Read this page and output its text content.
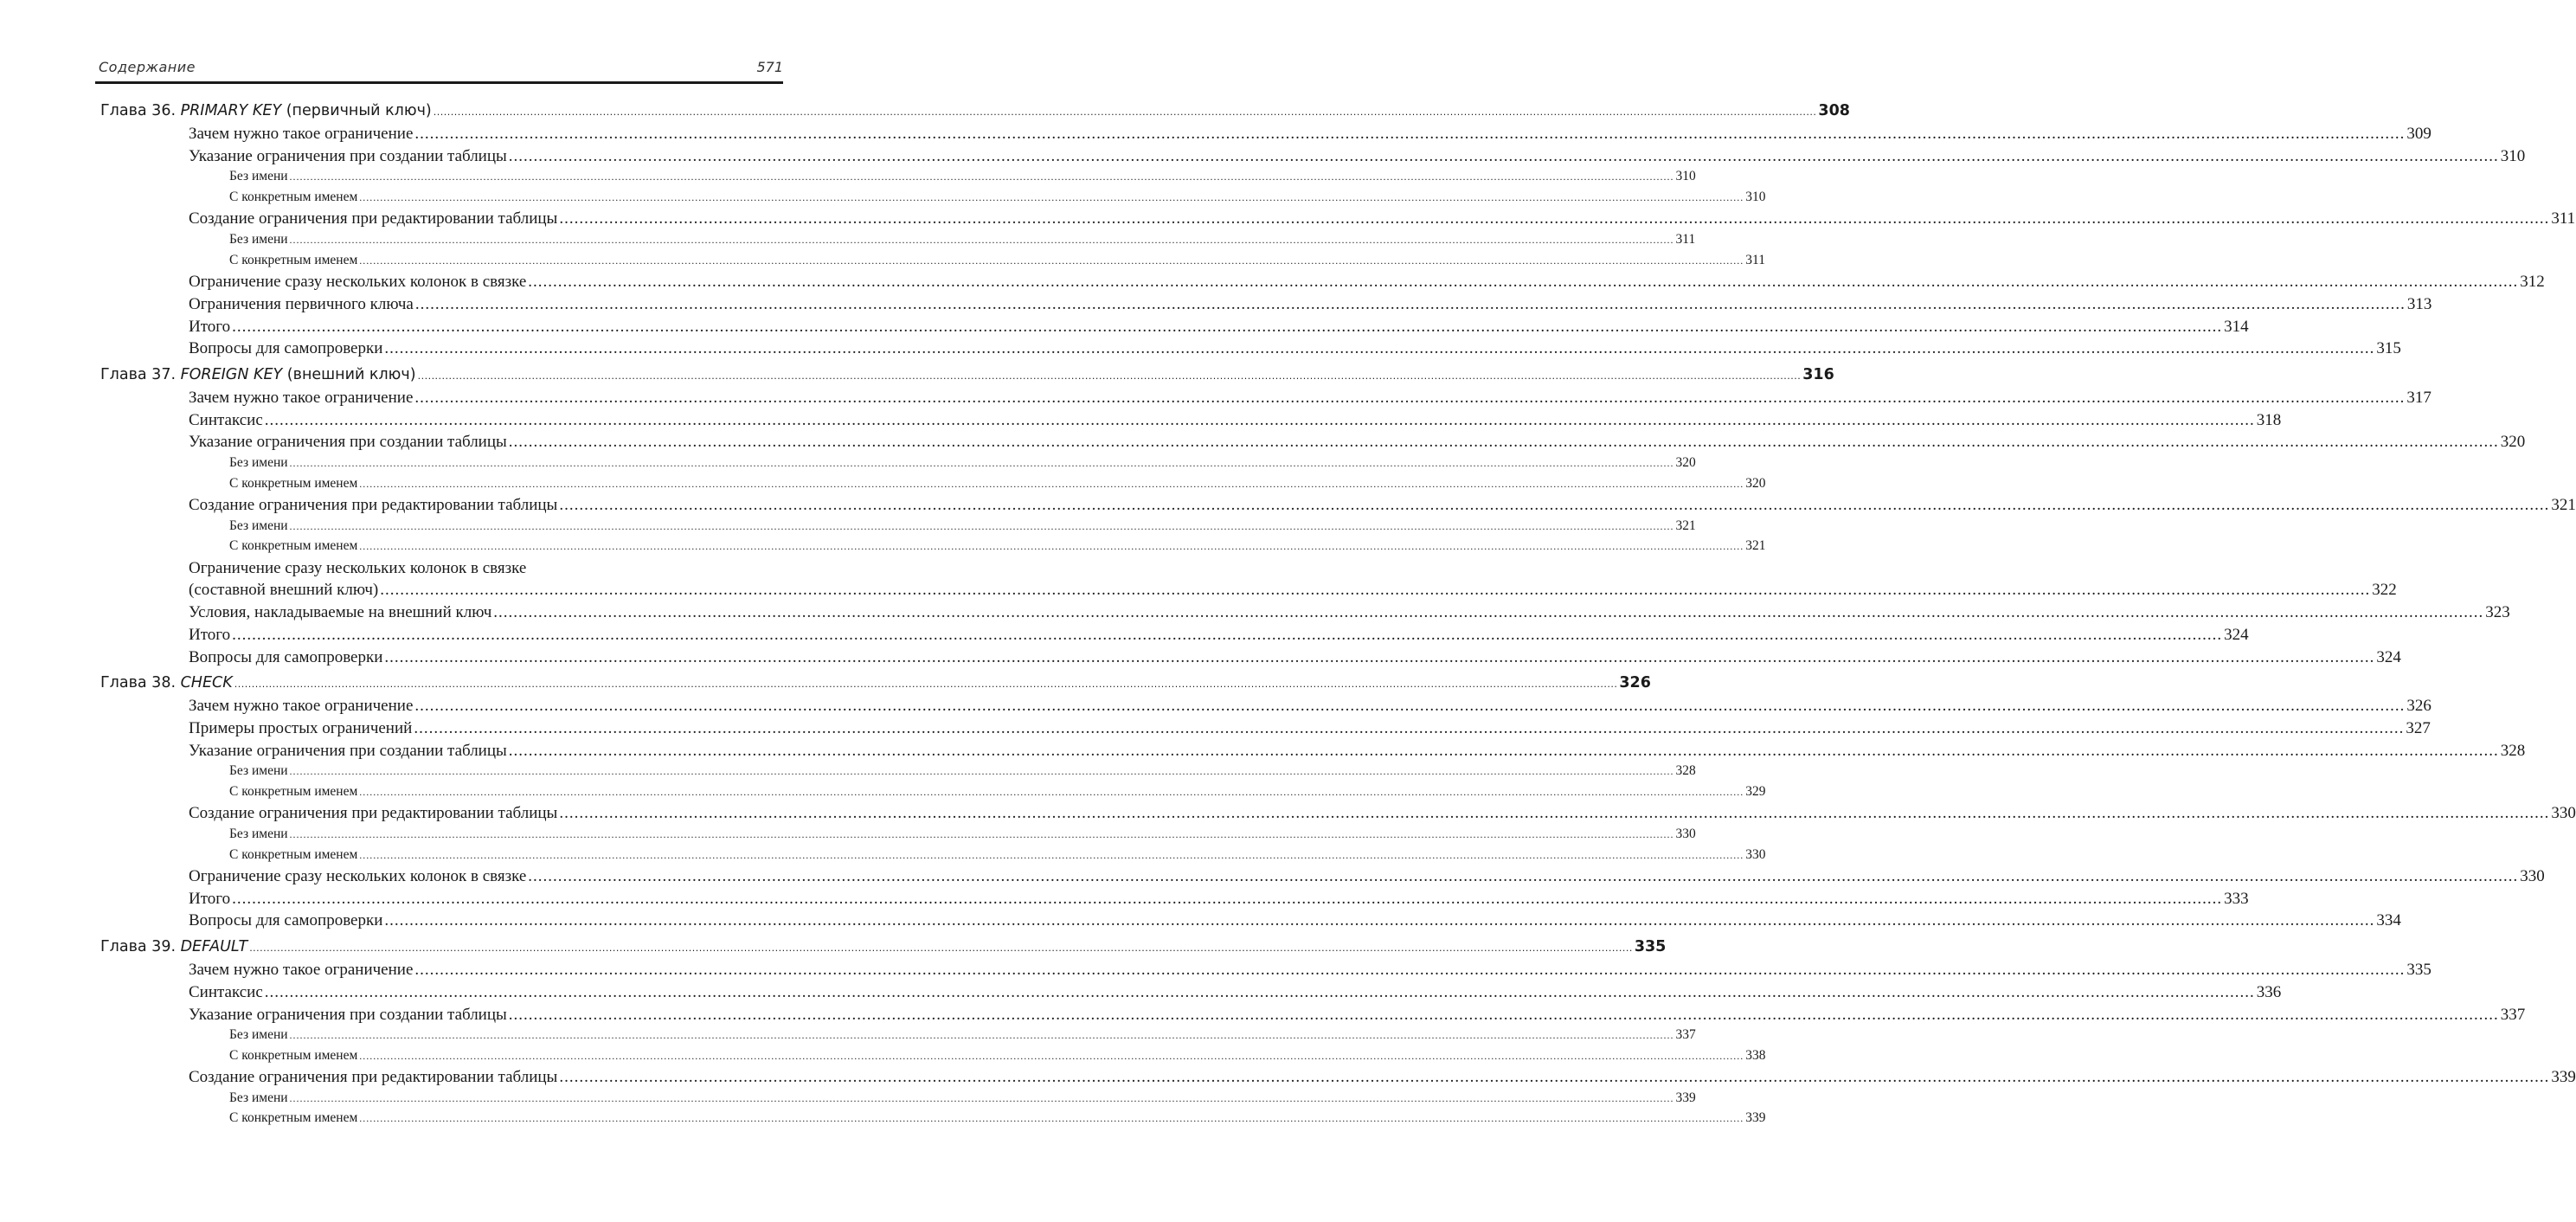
Содержание	571
Глава 36. PRIMARY KEY (первичный ключ) ................................................................................................................................................................................................................................................................................................................................................................................................................ 308
Зачем нужно такое ограничение ................................................................................................................................................................................................................................................................................................................................................................................................................ 309
Указание ограничения при создании таблицы ................................................................................................................................................................................................................................................................................................................................................................................................................ 310
Без имени ................................................................................................................................................................................................................................................................................................................................................................................................................ 310
С конкретным именем ................................................................................................................................................................................................................................................................................................................................................................................................................ 310
Создание ограничения при редактировании таблицы ................................................................................................................................................................................................................................................................................................................................................................................................................ 311
Без имени ................................................................................................................................................................................................................................................................................................................................................................................................................ 311
С конкретным именем ................................................................................................................................................................................................................................................................................................................................................................................................................ 311
Ограничение сразу нескольких колонок в связке ................................................................................................................................................................................................................................................................................................................................................................................................................ 312
Ограничения первичного ключа ................................................................................................................................................................................................................................................................................................................................................................................................................ 313
Итого ................................................................................................................................................................................................................................................................................................................................................................................................................ 314
Вопросы для самопроверки ................................................................................................................................................................................................................................................................................................................................................................................................................ 315
Глава 37. FOREIGN KEY (внешний ключ) ................................................................................................................................................................................................................................................................................................................................................................................................................ 316
Зачем нужно такое ограничение ................................................................................................................................................................................................................................................................................................................................................................................................................ 317
Синтаксис ................................................................................................................................................................................................................................................................................................................................................................................................................ 318
Указание ограничения при создании таблицы ................................................................................................................................................................................................................................................................................................................................................................................................................ 320
Без имени ................................................................................................................................................................................................................................................................................................................................................................................................................ 320
С конкретным именем ................................................................................................................................................................................................................................................................................................................................................................................................................ 320
Создание ограничения при редактировании таблицы ................................................................................................................................................................................................................................................................................................................................................................................................................ 321
Без имени ................................................................................................................................................................................................................................................................................................................................................................................................................ 321
С конкретным именем ................................................................................................................................................................................................................................................................................................................................................................................................................ 321
Ограничение сразу нескольких колонок в связке
(составной внешний ключ) ................................................................................................................................................................................................................................................................................................................................................................................................................ 322
Условия, накладываемые на внешний ключ ................................................................................................................................................................................................................................................................................................................................................................................................................ 323
Итого ................................................................................................................................................................................................................................................................................................................................................................................................................ 324
Вопросы для самопроверки ................................................................................................................................................................................................................................................................................................................................................................................................................ 324
Глава 38. CHECK ................................................................................................................................................................................................................................................................................................................................................................................................................ 326
Зачем нужно такое ограничение ................................................................................................................................................................................................................................................................................................................................................................................................................ 326
Примеры простых ограничений ................................................................................................................................................................................................................................................................................................................................................................................................................ 327
Указание ограничения при создании таблицы ................................................................................................................................................................................................................................................................................................................................................................................................................ 328
Без имени ................................................................................................................................................................................................................................................................................................................................................................................................................ 328
С конкретным именем ................................................................................................................................................................................................................................................................................................................................................................................................................ 329
Создание ограничения при редактировании таблицы ................................................................................................................................................................................................................................................................................................................................................................................................................ 330
Без имени ................................................................................................................................................................................................................................................................................................................................................................................................................ 330
С конкретным именем ................................................................................................................................................................................................................................................................................................................................................................................................................ 330
Ограничение сразу нескольких колонок в связке ................................................................................................................................................................................................................................................................................................................................................................................................................ 330
Итого ................................................................................................................................................................................................................................................................................................................................................................................................................ 333
Вопросы для самопроверки ................................................................................................................................................................................................................................................................................................................................................................................................................ 334
Глава 39. DEFAULT ................................................................................................................................................................................................................................................................................................................................................................................................................ 335
Зачем нужно такое ограничение ................................................................................................................................................................................................................................................................................................................................................................................................................ 335
Синтаксис ................................................................................................................................................................................................................................................................................................................................................................................................................ 336
Указание ограничения при создании таблицы ................................................................................................................................................................................................................................................................................................................................................................................................................ 337
Без имени ................................................................................................................................................................................................................................................................................................................................................................................................................ 337
С конкретным именем ................................................................................................................................................................................................................................................................................................................................................................................................................ 338
Создание ограничения при редактировании таблицы ................................................................................................................................................................................................................................................................................................................................................................................................................ 339
Без имени ................................................................................................................................................................................................................................................................................................................................................................................................................ 339
С конкретным именем ................................................................................................................................................................................................................................................................................................................................................................................................................ 339
